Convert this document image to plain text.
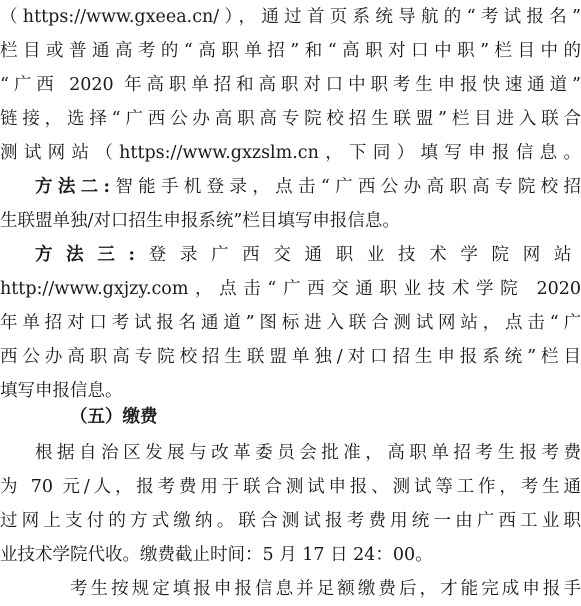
（https://www.gxeea.cn/），通过首页系统导航的“考试报名”
栏目或普通高考的“高职单招”和“高职对口中职”栏目中的
“广西 2020 年高职单招和高职对口中职考生申报快速通道”
链接，选择“广西公办高职高专院校招生联盟”栏目进入联合
测试网站（https://www.gxzslm.cn，下同）填写申报信息。
方法二:智能手机登录，点击“广西公办高职高专院校招
生联盟单独/对口招生申报系统”栏目填写申报信息。
方法三:登录广西交通职业技术学院网站
http://www.gxjzy.com，点击“广西交通职业技术学院 2020
年单招对口考试报名通道”图标进入联合测试网站，点击“广
西公办高职高专院校招生联盟单独/对口招生申报系统”栏目
填写申报信息。
（五）缴费
根据自治区发展与改革委员会批准，高职单招考生报考费
为 70 元/人，报考费用于联合测试申报、测试等工作，考生通
过网上支付的方式缴纳。联合测试报考费用统一由广西工业职
业技术学院代收。缴费截止时间：5 月 17 日 24：00。
考生按规定填报申报信息并足额缴费后，才能完成申报手
